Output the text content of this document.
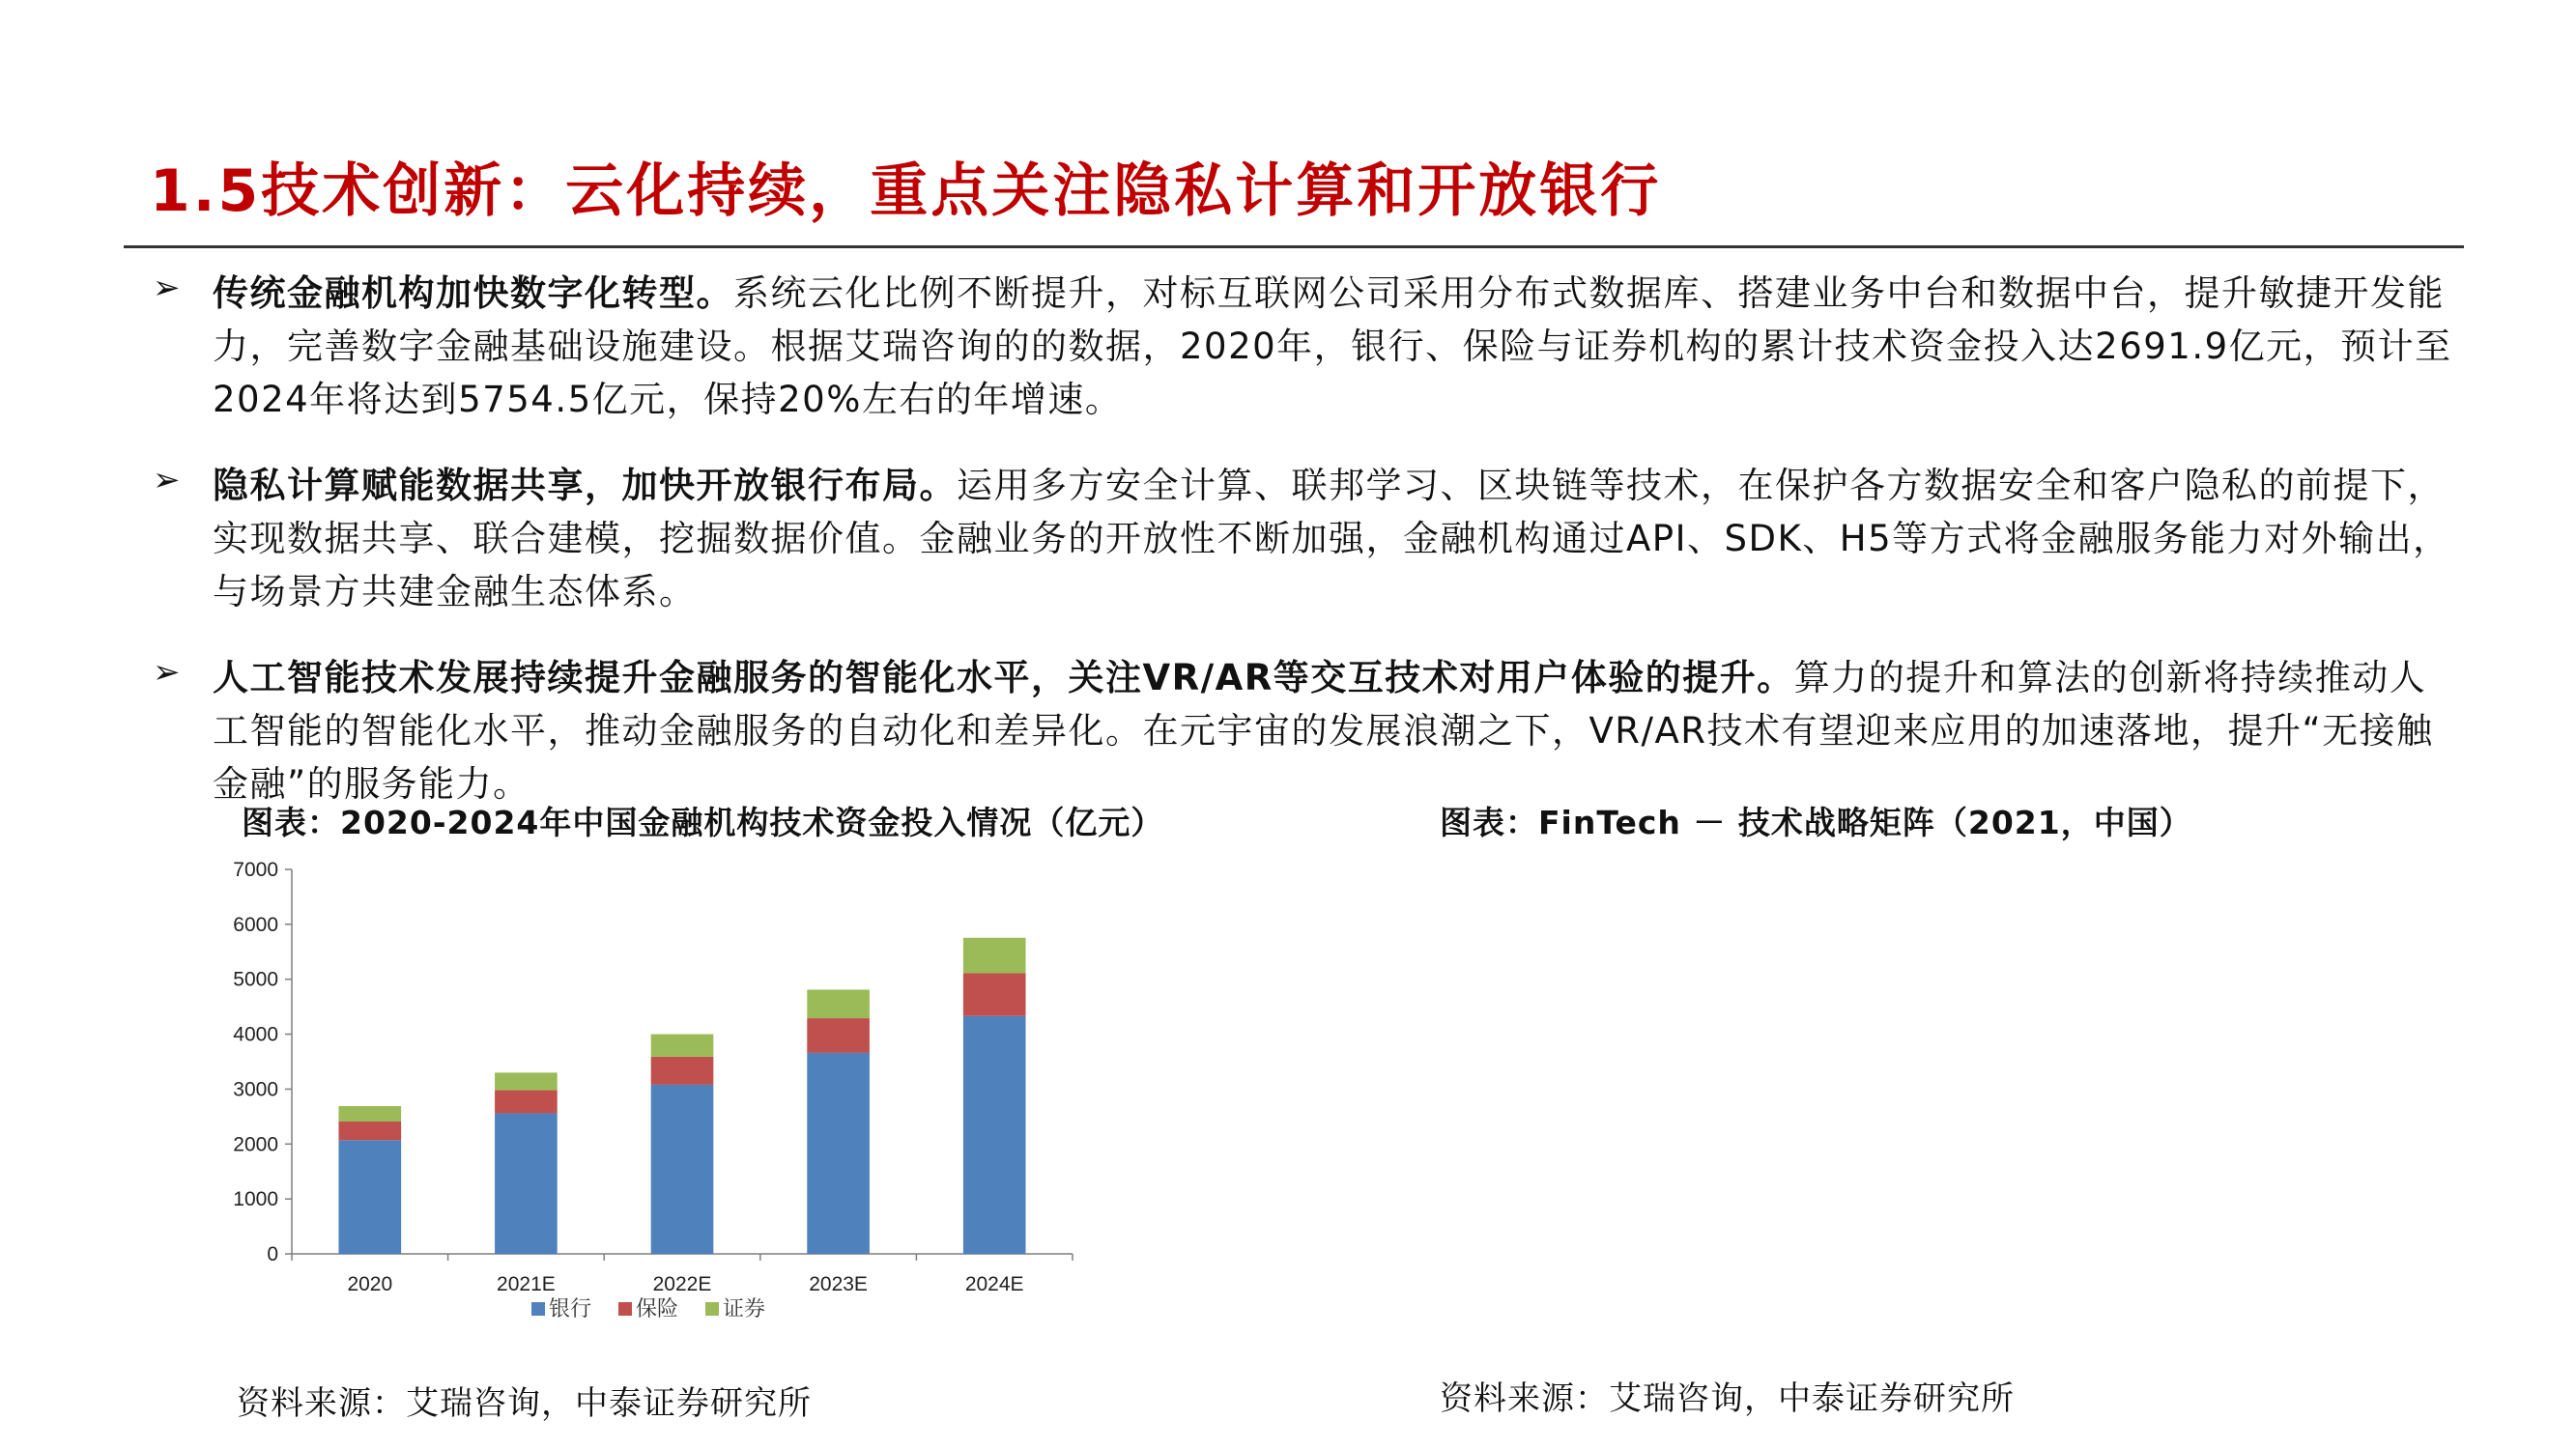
1.5技术创新：云化持续，重点关注隐私计算和开放银行
➢ 传统金融机构加快数字化转型。系统云化比例不断提升，对标互联网公司采用分布式数据库、搭建业务中台和数据中台，提升敏捷开发能力，完善数字金融基础设施建设。根据艾瑞咨询的的数据，2020年，银行、保险与证券机构的累计技术资金投入达2691.9亿元，预计至2024年将达到5754.5亿元，保持20%左右的年增速。
➢ 隐私计算赋能数据共享，加快开放银行布局。运用多方安全计算、联邦学习、区块链等技术，在保护各方数据安全和客户隐私的前提下，实现数据共享、联合建模，挖掘数据价值。金融业务的开放性不断加强，金融机构通过API、SDK、H5等方式将金融服务能力对外输出，与场景方共建金融生态体系。
➢ 人工智能技术发展持续提升金融服务的智能化水平，关注VR/AR等交互技术对用户体验的提升。算力的提升和算法的创新将持续推动人工智能的智能化水平，推动金融服务的自动化和差异化。在元宇宙的发展浪潮之下，VR/AR技术有望迎来应用的加速落地，提升“无接触金融”的服务能力。
图表：2020-2024年中国金融机构技术资金投入情况（亿元）	图表：FinTech － 技术战略矩阵（2021，中国）
0
1000
2000
3000
4000
5000
6000
7000
2020	2021E	2022E	2023E	2024E
银行 保险 证券
资料来源：艾瑞咨询，中泰证券研究所	资料来源：艾瑞咨询，中泰证券研究所
